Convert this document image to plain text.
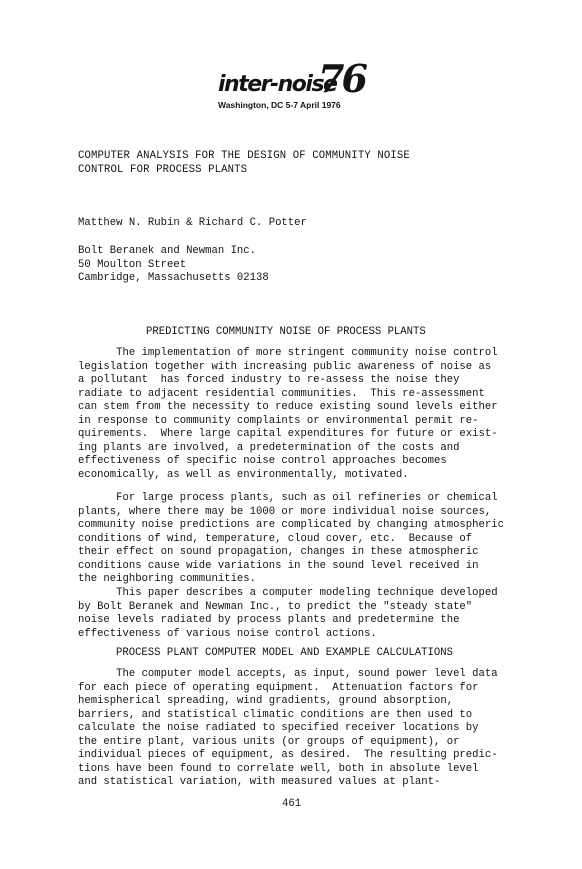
inter-noise
76
Washington, DC 5-7 April 1976
COMPUTER ANALYSIS FOR THE DESIGN OF COMMUNITY NOISE
CONTROL FOR PROCESS PLANTS
Matthew N. Rubin & Richard C. Potter
Bolt Beranek and Newman Inc.
50 Moulton Street
Cambridge, Massachusetts 02138
PREDICTING COMMUNITY NOISE OF PROCESS PLANTS
The implementation of more stringent community noise control
legislation together with increasing public awareness of noise as
a pollutant  has forced industry to re-assess the noise they
radiate to adjacent residential communities.  This re-assessment
can stem from the necessity to reduce existing sound levels either
in response to community complaints or environmental permit re-
quirements.  Where large capital expenditures for future or exist-
ing plants are involved, a predetermination of the costs and
effectiveness of specific noise control approaches becomes
economically, as well as environmentally, motivated.
For large process plants, such as oil refineries or chemical
plants, where there may be 1000 or more individual noise sources,
community noise predictions are complicated by changing atmospheric
conditions of wind, temperature, cloud cover, etc.  Because of
their effect on sound propagation, changes in these atmospheric
conditions cause wide variations in the sound level received in
the neighboring communities.
This paper describes a computer modeling technique developed
by Bolt Beranek and Newman Inc., to predict the "steady state"
noise levels radiated by process plants and predetermine the
effectiveness of various noise control actions.
PROCESS PLANT COMPUTER MODEL AND EXAMPLE CALCULATIONS
The computer model accepts, as input, sound power level data
for each piece of operating equipment.  Attenuation factors for
hemispherical spreading, wind gradients, ground absorption,
barriers, and statistical climatic conditions are then used to
calculate the noise radiated to specified receiver locations by
the entire plant, various units (or groups of equipment), or
individual pieces of equipment, as desired.  The resulting predic-
tions have been found to correlate well, both in absolute level
and statistical variation, with measured values at plant-
461
